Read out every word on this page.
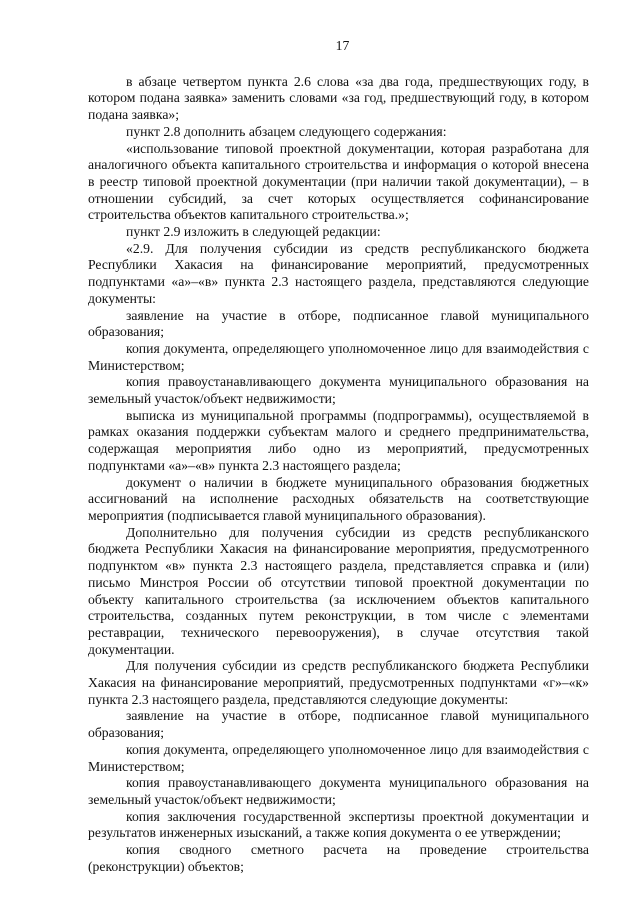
17

в абзаце четвертом пункта 2.6 слова «за два года, предшествующих году, в котором подана заявка» заменить словами «за год, предшествующий году, в котором подана заявка»;

пункт 2.8 дополнить абзацем следующего содержания:

«использование типовой проектной документации, которая разработана для аналогичного объекта капитального строительства и информация о которой внесена в реестр типовой проектной документации (при наличии такой документации), – в отношении субсидий, за счет которых осуществляется софинансирование строительства объектов капитального строительства.»;

пункт 2.9 изложить в следующей редакции:

«2.9. Для получения субсидии из средств республиканского бюджета Республики Хакасия на финансирование мероприятий, предусмотренных подпунктами «а»–«в» пункта 2.3 настоящего раздела, представляются следующие документы:

заявление на участие в отборе, подписанное главой муниципального образования;

копия документа, определяющего уполномоченное лицо для взаимодействия с Министерством;

копия правоустанавливающего документа муниципального образования на земельный участок/объект недвижимости;

выписка из муниципальной программы (подпрограммы), осуществляемой в рамках оказания поддержки субъектам малого и среднего предпринимательства, содержащая мероприятия либо одно из мероприятий, предусмотренных подпунктами «а»–«в» пункта 2.3 настоящего раздела;

документ о наличии в бюджете муниципального образования бюджетных ассигнований на исполнение расходных обязательств на соответствующие мероприятия (подписывается главой муниципального образования).

Дополнительно для получения субсидии из средств республиканского бюджета Республики Хакасия на финансирование мероприятия, предусмотренного подпунктом «в» пункта 2.3 настоящего раздела, представляется справка и (или) письмо Минстроя России об отсутствии типовой проектной документации по объекту капитального строительства (за исключением объектов капитального строительства, созданных путем реконструкции, в том числе с элементами реставрации, технического перевооружения), в случае отсутствия такой документации.

Для получения субсидии из средств республиканского бюджета Республики Хакасия на финансирование мероприятий, предусмотренных подпунктами «г»–«к» пункта 2.3 настоящего раздела, представляются следующие документы:

заявление на участие в отборе, подписанное главой муниципального образования;

копия документа, определяющего уполномоченное лицо для взаимодействия с Министерством;

копия правоустанавливающего документа муниципального образования на земельный участок/объект недвижимости;

копия заключения государственной экспертизы проектной документации и результатов инженерных изысканий, а также копия документа о ее утверждении;

копия сводного сметного расчета на проведение строительства (реконструкции) объектов;
